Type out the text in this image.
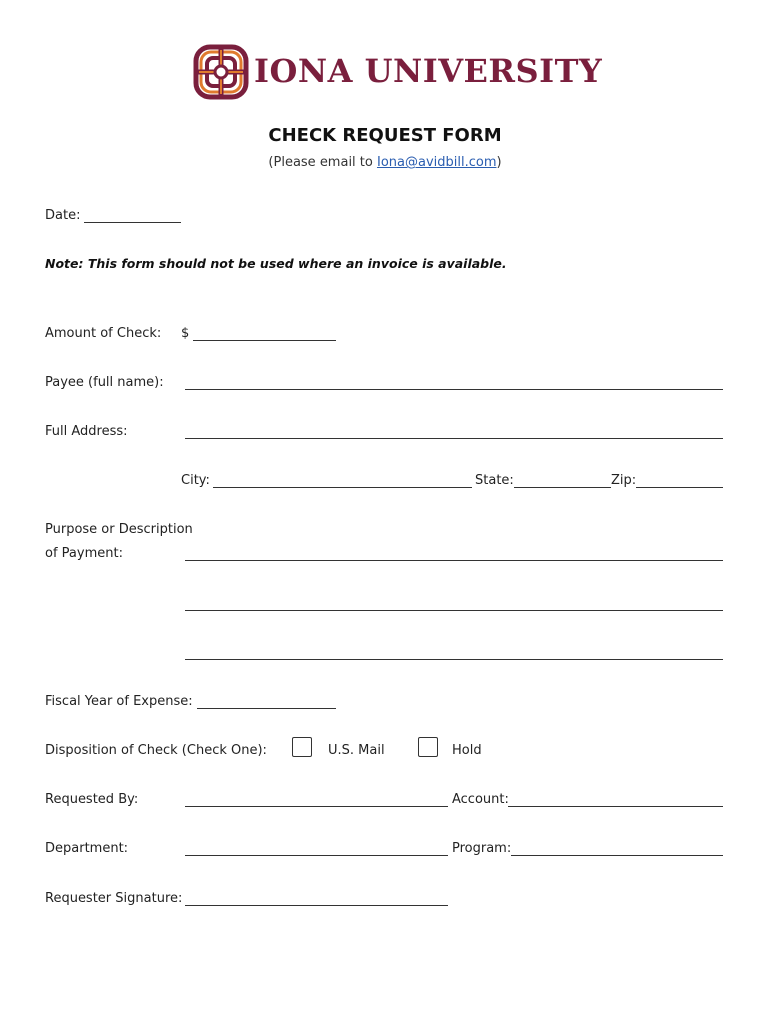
IONA UNIVERSITY
CHECK REQUEST FORM
(Please email to Iona@avidbill.com)
Date:
Note: This form should not be used where an invoice is available.
Amount of Check: $
Payee (full name):
Full Address:
City:	State:	Zip:
Purpose or Description
of Payment:
Fiscal Year of Expense:
Disposition of Check (Check One):	U.S. Mail	Hold
Requested By:	Account:
Department:	Program:
Requester Signature:
